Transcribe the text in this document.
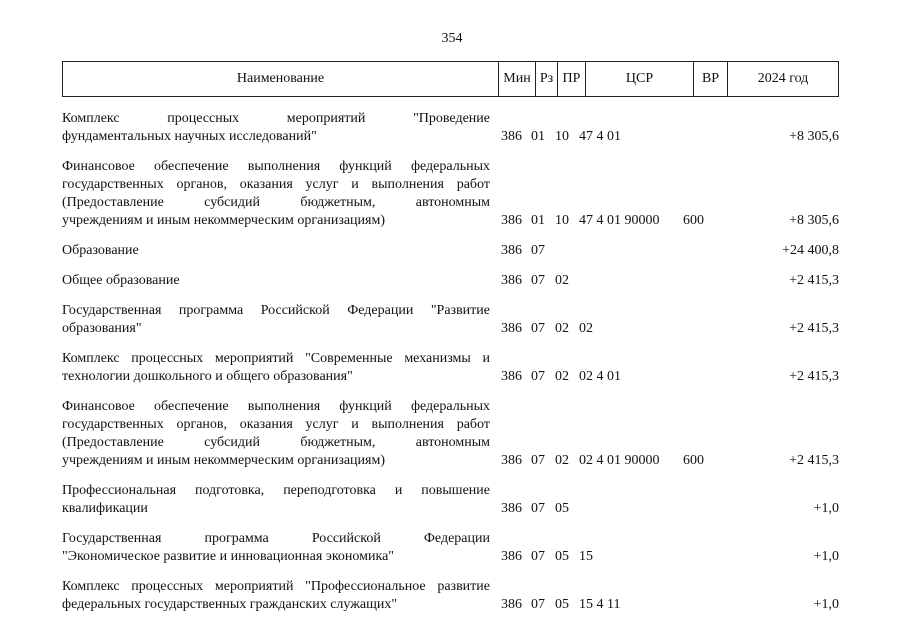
354
Наименование	Мин Рз ПР	ЦСР	ВР	2024 год
Комплекс процессных мероприятий "Проведение
фундаментальных научных исследований"	386 01 10 47 4 01	+8 305,6
Финансовое обеспечение выполнения функций федеральных
государственных органов, оказания услуг и выполнения работ
(Предоставление субсидий бюджетным, автономным
учреждениям и иным некоммерческим организациям)	386 01 10 47 4 01 90000	600	+8 305,6
Образование	386 07	+24 400,8
Общее образование	386 07 02	+2 415,3
Государственная программа Российской Федерации "Развитие
образования"	386 07 02 02	+2 415,3
Комплекс процессных мероприятий "Современные механизмы и
технологии дошкольного и общего образования"	386 07 02 02 4 01	+2 415,3
Финансовое обеспечение выполнения функций федеральных
государственных органов, оказания услуг и выполнения работ
(Предоставление субсидий бюджетным, автономным
учреждениям и иным некоммерческим организациям)	386 07 02 02 4 01 90000	600	+2 415,3
Профессиональная подготовка, переподготовка и повышение
квалификации	386 07 05	+1,0
Государственная программа Российской Федерации
"Экономическое развитие и инновационная экономика"	386 07 05 15	+1,0
Комплекс процессных мероприятий "Профессиональное развитие
федеральных государственных гражданских служащих"	386 07 05 15 4 11	+1,0
